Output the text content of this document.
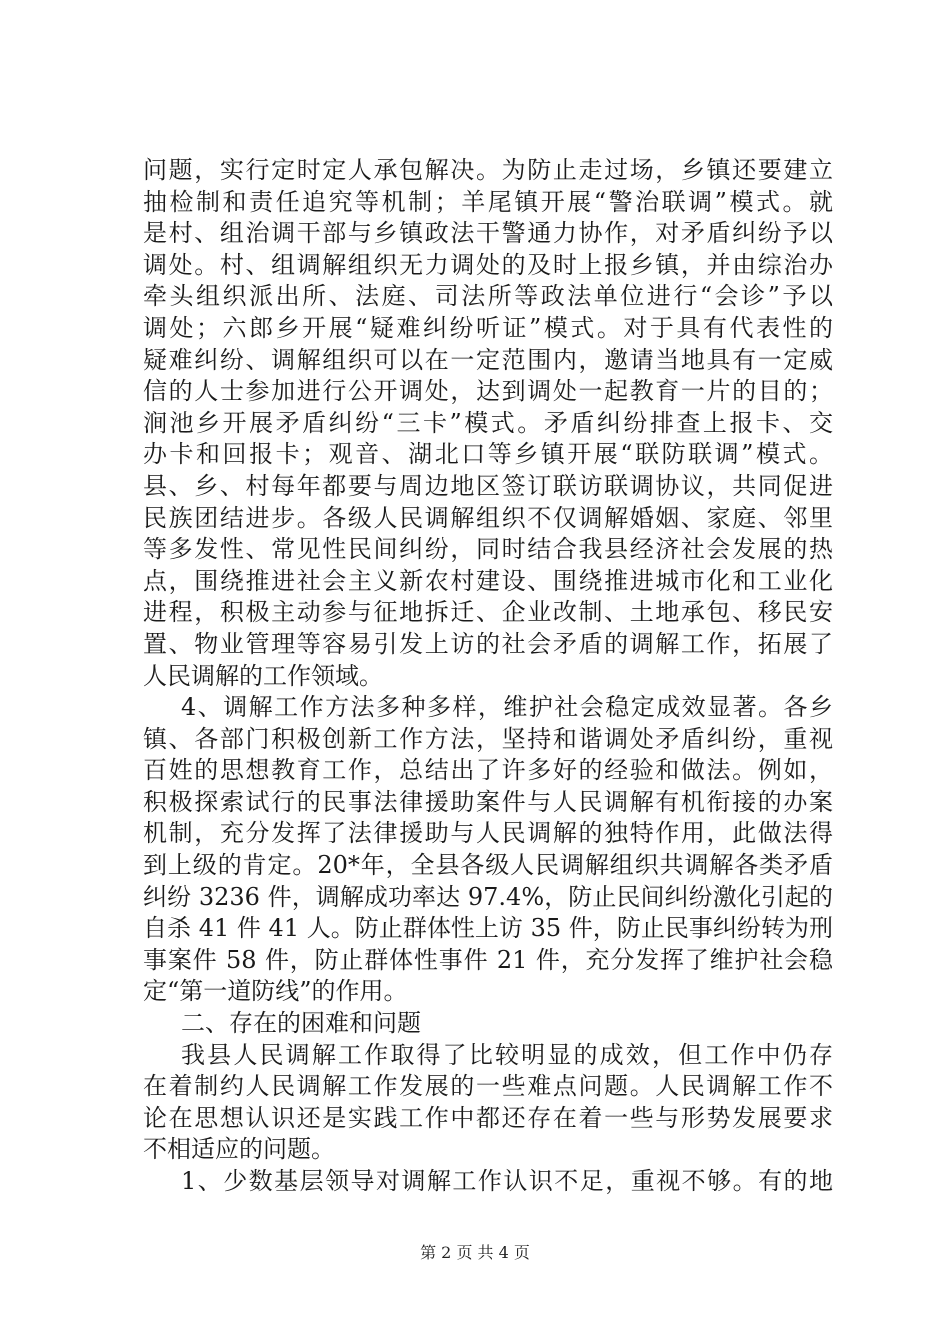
问题，实行定时定人承包解决。为防止走过场，乡镇还要建立
抽检制和责任追究等机制；羊尾镇开展“警治联调”模式。就
是村、组治调干部与乡镇政法干警通力协作，对矛盾纠纷予以
调处。村、组调解组织无力调处的及时上报乡镇，并由综治办
牵头组织派出所、法庭、司法所等政法单位进行“会诊”予以
调处；六郎乡开展“疑难纠纷听证”模式。对于具有代表性的
疑难纠纷、调解组织可以在一定范围内，邀请当地具有一定威
信的人士参加进行公开调处，达到调处一起教育一片的目的；
涧池乡开展矛盾纠纷“三卡”模式。矛盾纠纷排查上报卡、交
办卡和回报卡；观音、湖北口等乡镇开展“联防联调”模式。
县、乡、村每年都要与周边地区签订联访联调协议，共同促进
民族团结进步。各级人民调解组织不仅调解婚姻、家庭、邻里
等多发性、常见性民间纠纷，同时结合我县经济社会发展的热
点，围绕推进社会主义新农村建设、围绕推进城市化和工业化
进程，积极主动参与征地拆迁、企业改制、土地承包、移民安
置、物业管理等容易引发上访的社会矛盾的调解工作，拓展了
人民调解的工作领域。
4、调解工作方法多种多样，维护社会稳定成效显著。各乡
镇、各部门积极创新工作方法，坚持和谐调处矛盾纠纷，重视
百姓的思想教育工作，总结出了许多好的经验和做法。例如，
积极探索试行的民事法律援助案件与人民调解有机衔接的办案
机制，充分发挥了法律援助与人民调解的独特作用，此做法得
到上级的肯定。20*年，全县各级人民调解组织共调解各类矛盾
纠纷 3236 件，调解成功率达 97.4%，防止民间纠纷激化引起的
自杀 41 件 41 人。防止群体性上访 35 件，防止民事纠纷转为刑
事案件 58 件，防止群体性事件 21 件，充分发挥了维护社会稳
定“第一道防线”的作用。
二、存在的困难和问题
我县人民调解工作取得了比较明显的成效，但工作中仍存
在着制约人民调解工作发展的一些难点问题。人民调解工作不
论在思想认识还是实践工作中都还存在着一些与形势发展要求
不相适应的问题。
1、少数基层领导对调解工作认识不足，重视不够。有的地
第 2 页 共 4 页
